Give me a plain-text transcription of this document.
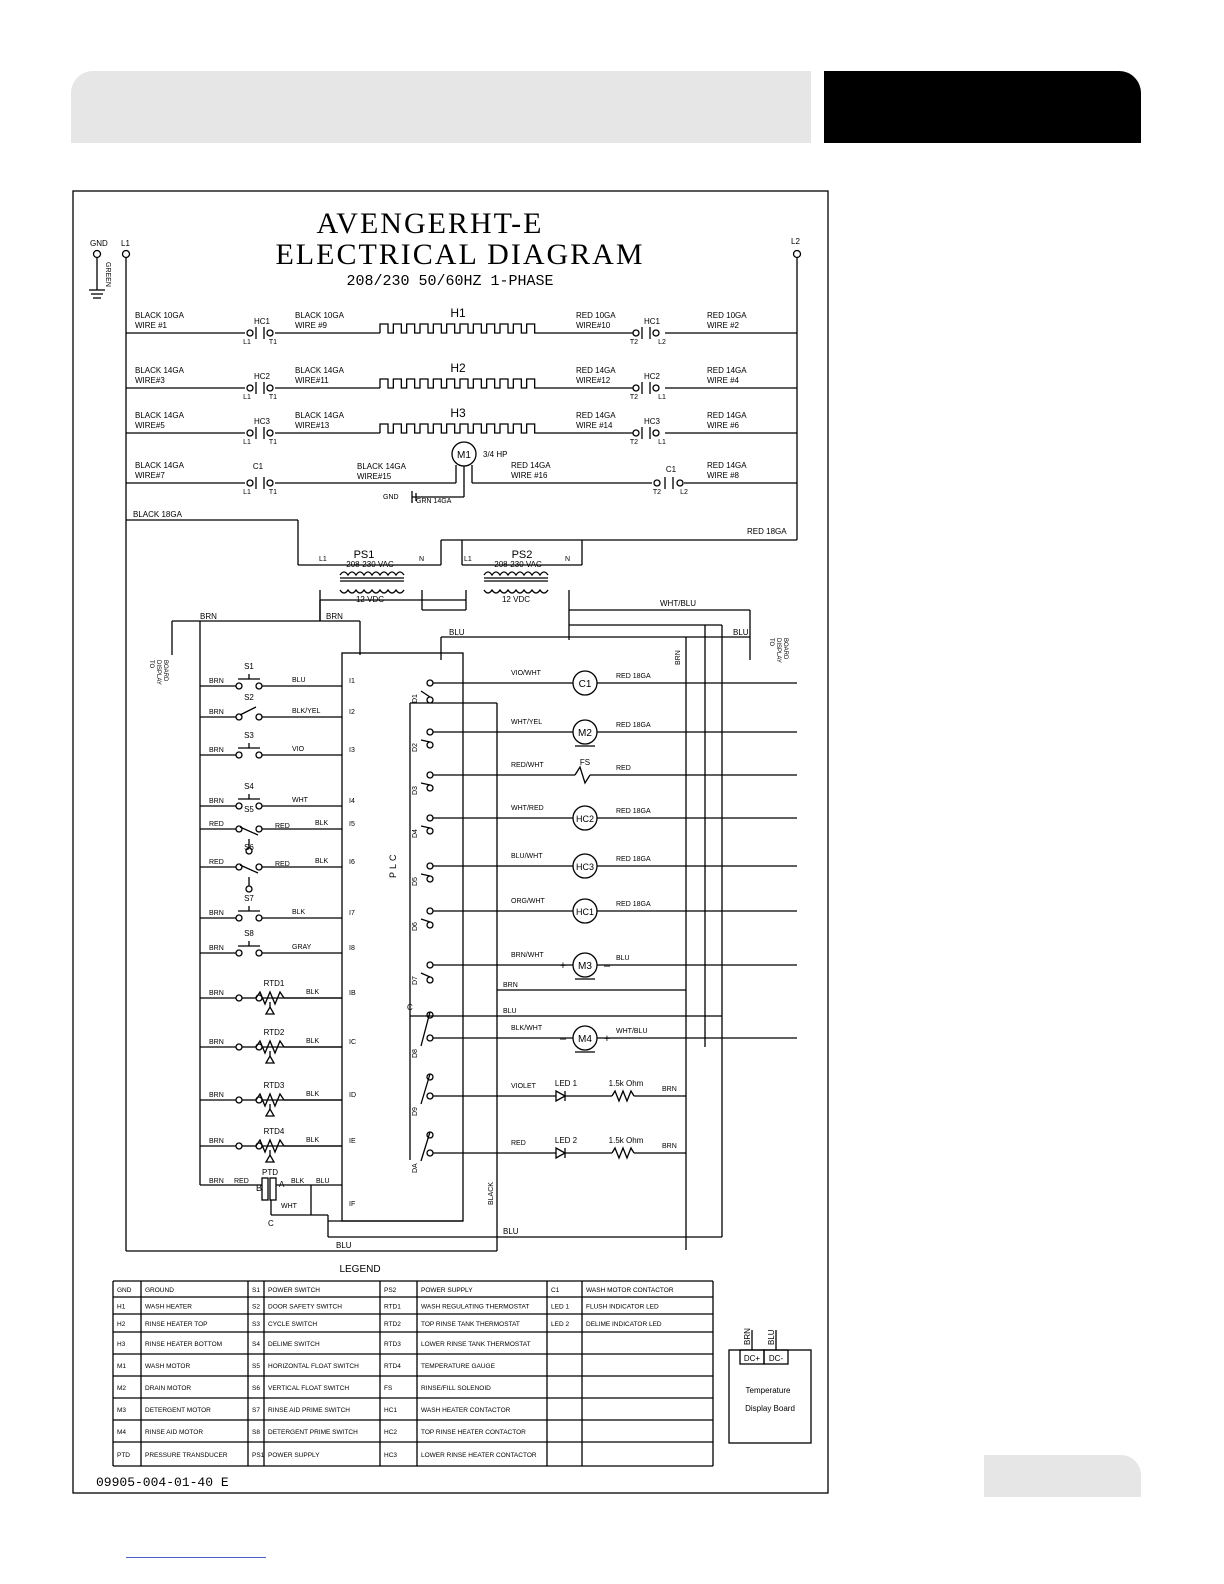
BLACK 10GA
WIRE #1	HC1
L1	T1
BLACK 10GA
WIRE #9
H1	RED 10GA
WIRE#10	HC1
T2	L2
RED 10GA
WIRE #2
BLACK 14GA
WIRE#3	HC2
L1	T1
BLACK 14GA
WIRE#11
H2	RED 14GA
WIRE#12	HC2
T2	L1
RED 14GA
WIRE #4
BLACK 14GA
WIRE#5	HC3
L1	T1
BLACK 14GA
WIRE#13
H3	RED 14GA
WIRE #14	HC3
T2	L1
RED 14GA
WIRE #6
M1 3/4 HP
BLACK 14GA
WIRE#7
C1
L1	T1
BLACK 14GA
WIRE#15
RED 14GA
WIRE #16
C1
T2	L2
RED 14GA
WIRE #8
GND
GRN 14GA
S1
BRN	BLU	I1
S2
BRN	BLK/YEL	I2
S3
BRN	VIO	I3
S4
BRN	WHT	I4
S5
RED	RED	BLK	I5
S6
RED	RED	BLK	I6
S7
BRN	BLK	I7
S8
BRN	GRAY	I8
RTD1
BRN	BLK	IB
RTD2
BRN	BLK	IC
RTD3
BRN	BLK	ID
RTD4
BRN	BLK	IE
PTD
BRN RED
B A BLK BLU
WHT
C
IF
D1
VIO/WHT
C1
RED 18GA
D2
WHT/YEL
M2
RED 18GA
D3
RED/WHT	FS
RED
D4
WHT/RED
HC2
RED 18GA
D5
BLU/WHT
HC3
RED 18GA
D6
ORG/WHT
HC1
RED 18GA
D7
BRN/WHT
M3
+	–
BLU
BRN
D8
BLK/WHT
M4
–	+
WHT/BLU
C	BLU
D9
VIOLET LED 1	1.5k Ohm
BRN
DA
RED	LED 2	1.5k Ohm
BRN
GND GROUND	S1 POWER SWITCH	PS2	POWER SUPPLY	C1	WASH MOTOR CONTACTOR
H1	WASH HEATER	S2 DOOR SAFETY SWITCH	RTD1	WASH REGULATING THERMOSTAT	LED 1	FLUSH INDICATOR LED
H2	RINSE HEATER TOP	S3 CYCLE SWITCH	RTD2	TOP RINSE TANK THERMOSTAT	LED 2	DELIME INDICATOR LED
H3	RINSE HEATER BOTTOM	S4 DELIME SWITCH	RTD3	LOWER RINSE TANK THERMOSTAT
M1	WASH MOTOR	S5 HORIZONTAL FLOAT SWITCH	RTD4	TEMPERATURE GAUGE
M2	DRAIN MOTOR	S6 VERTICAL FLOAT SWITCH	FS	RINSE/FILL SOLENOID
M3	DETERGENT MOTOR	S7 RINSE AID PRIME SWITCH	HC1	WASH HEATER CONTACTOR
M4	RINSE AID MOTOR	S8 DETERGENT PRIME SWITCH	HC2	TOP RINSE HEATER CONTACTOR
PTD PRESSURE TRANSDUCER	PS1 POWER SUPPLY	HC3	LOWER RINSE HEATER CONTACTOR
AVENGERHT-E
ELECTRICAL DIAGRAM
208/230 50/60HZ 1-PHASE
GND L1	L2
GREEN
BLACK 18GA
RED 18GA
PS1
208-230 VAC
12 VDC
L1	N	PS2
208-230 VAC
12 VDC
L1	N
WHT/BLU
BLU	BLU
BRN	BRN
BRN
BLACK
PLC
BLU
BLU
TO DISPLAY BOARD
TO DISPLAY BOARD
LEGEND
09905-004-01-40 E
BRN BLU
DC+ DC-
Temperature
Display Board
